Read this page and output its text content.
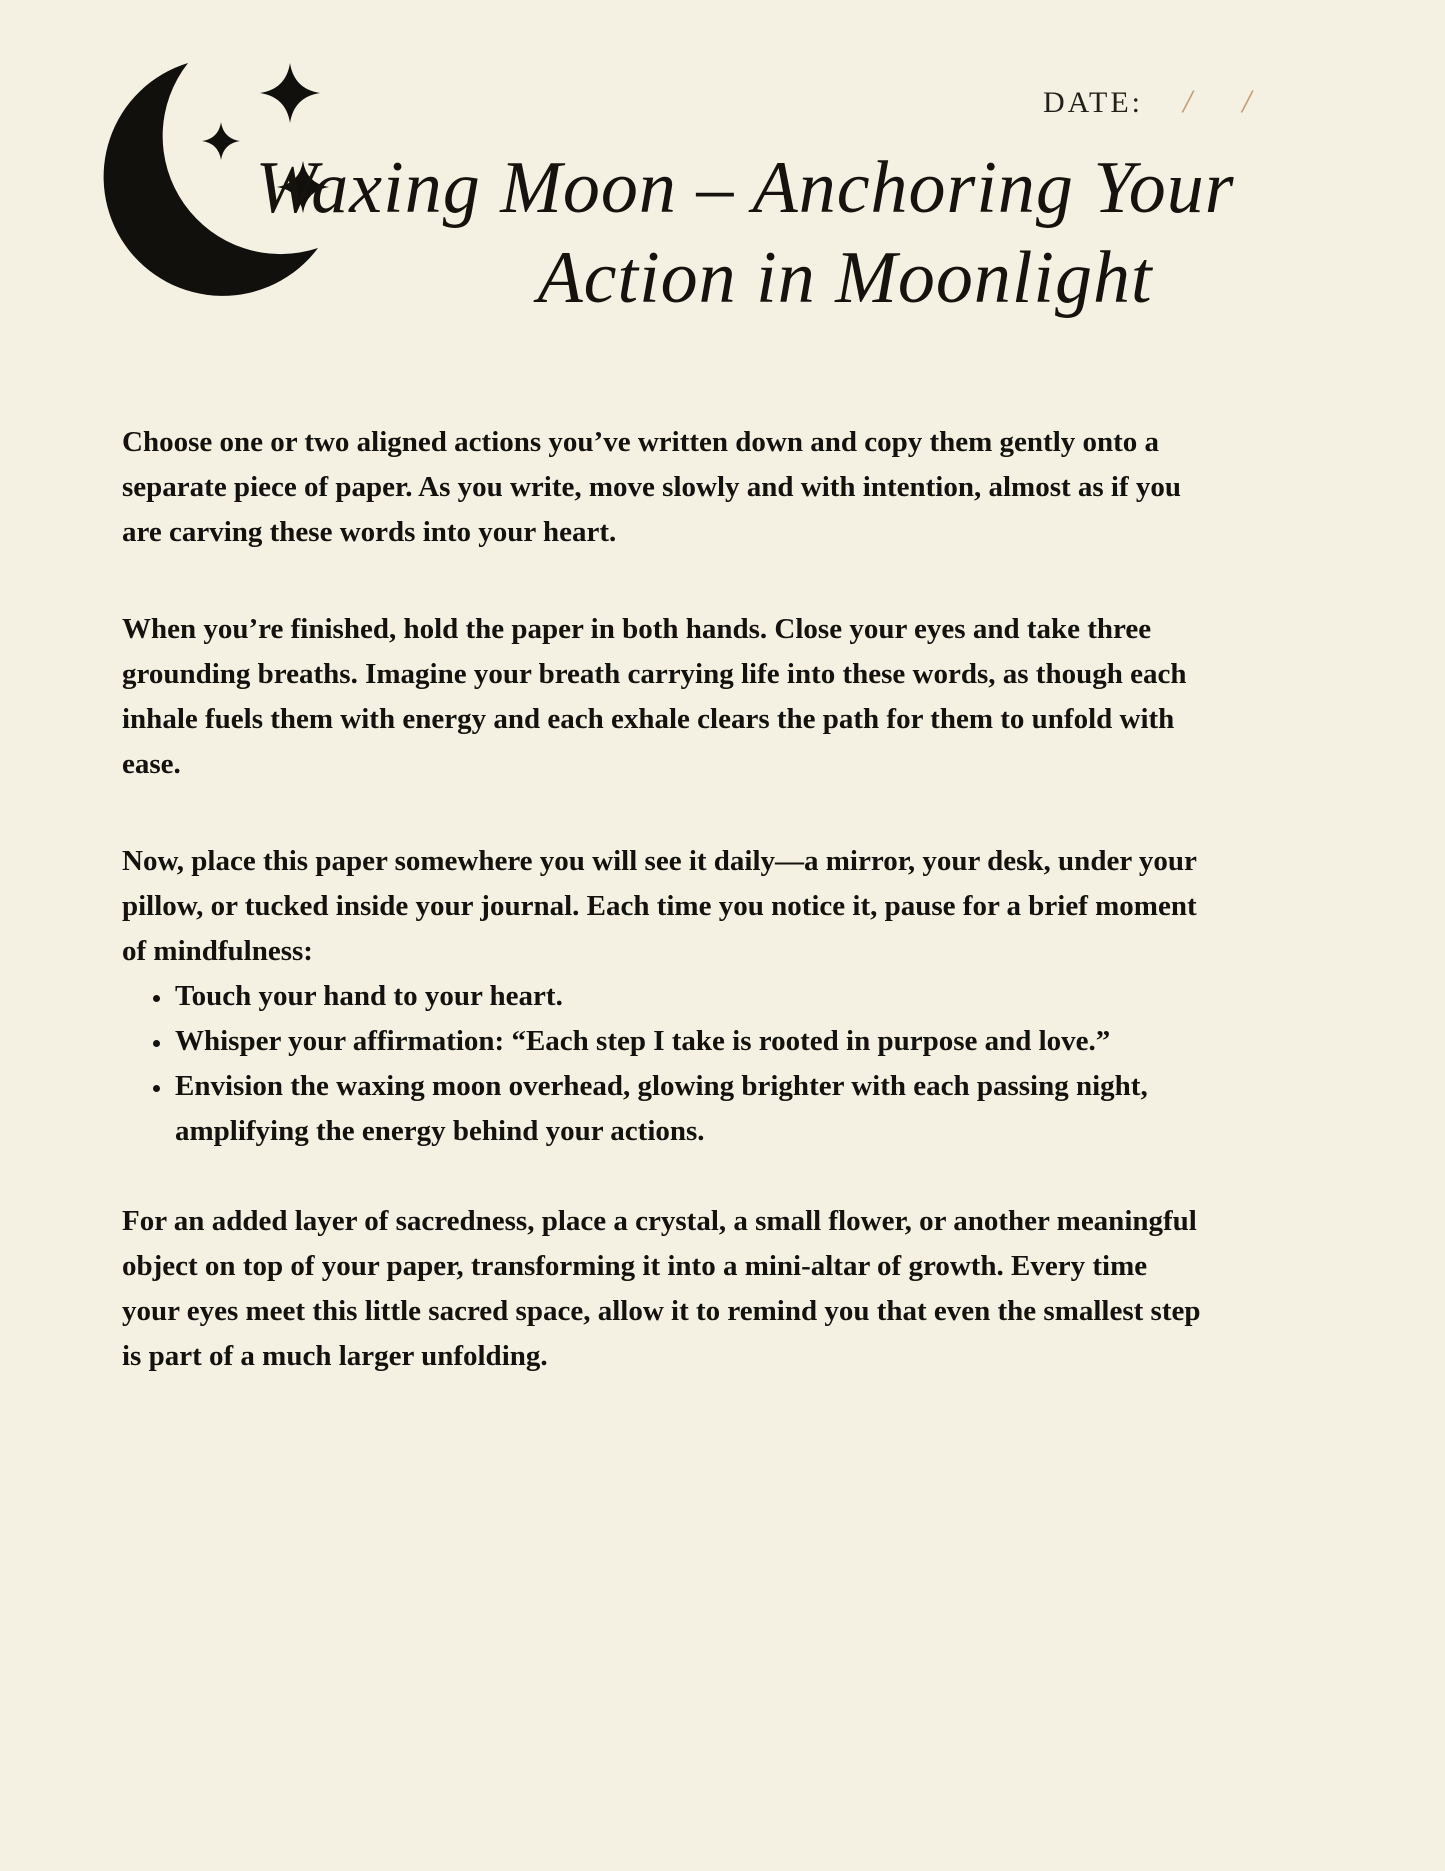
DATE: / /
Waxing Moon – Anchoring Your
Action in Moonlight

Choose one or two aligned actions you’ve written down and copy them gently onto a separate piece of paper. As you write, move slowly and with intention, almost as if you are carving these words into your heart.

When you’re finished, hold the paper in both hands. Close your eyes and take three grounding breaths. Imagine your breath carrying life into these words, as though each inhale fuels them with energy and each exhale clears the path for them to unfold with ease.

Now, place this paper somewhere you will see it daily—a mirror, your desk, under your pillow, or tucked inside your journal. Each time you notice it, pause for a brief moment of mindfulness:

• Touch your hand to your heart.
• Whisper your affirmation: “Each step I take is rooted in purpose and love.”
• Envision the waxing moon overhead, glowing brighter with each passing night, amplifying the energy behind your actions.

For an added layer of sacredness, place a crystal, a small flower, or another meaningful object on top of your paper, transforming it into a mini-altar of growth. Every time your eyes meet this little sacred space, allow it to remind you that even the smallest step is part of a much larger unfolding.
